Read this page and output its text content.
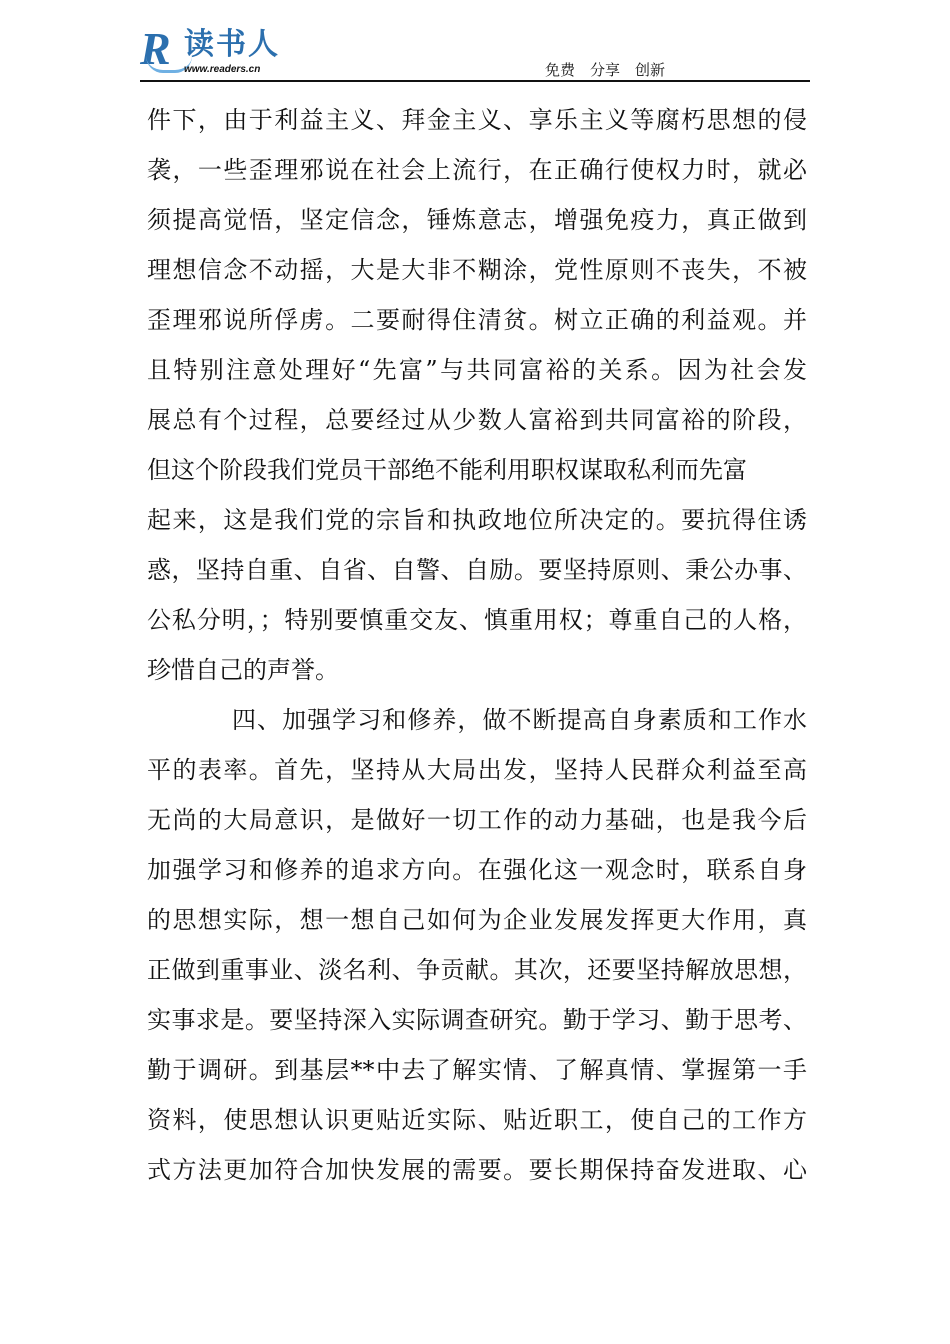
R 读书人
www.readers.cn	免费　分享　创新
件下，由于利益主义、拜金主义、享乐主义等腐朽思想的侵
袭，一些歪理邪说在社会上流行，在正确行使权力时，就必
须提高觉悟，坚定信念，锤炼意志，增强免疫力，真正做到
理想信念不动摇，大是大非不糊涂，党性原则不丧失，不被
歪理邪说所俘虏。二要耐得住清贫。树立正确的利益观。并
且特别注意处理好“先富”与共同富裕的关系。因为社会发
展总有个过程，总要经过从少数人富裕到共同富裕的阶段，
但这个阶段我们党员干部绝不能利用职权谋取私利而先富
起来，这是我们党的宗旨和执政地位所决定的。要抗得住诱
惑，坚持自重、自省、自警、自励。要坚持原则、秉公办事、
公私分明，；特别要慎重交友、慎重用权；尊重自己的人格，
珍惜自己的声誉。
四、加强学习和修养，做不断提高自身素质和工作水
平的表率。首先，坚持从大局出发，坚持人民群众利益至高
无尚的大局意识，是做好一切工作的动力基础，也是我今后
加强学习和修养的追求方向。在强化这一观念时，联系自身
的思想实际，想一想自己如何为企业发展发挥更大作用，真
正做到重事业、淡名利、争贡献。其次，还要坚持解放思想，
实事求是。要坚持深入实际调查研究。勤于学习、勤于思考、
勤于调研。到基层**中去了解实情、了解真情、掌握第一手
资料，使思想认识更贴近实际、贴近职工，使自己的工作方
式方法更加符合加快发展的需要。要长期保持奋发进取、心
